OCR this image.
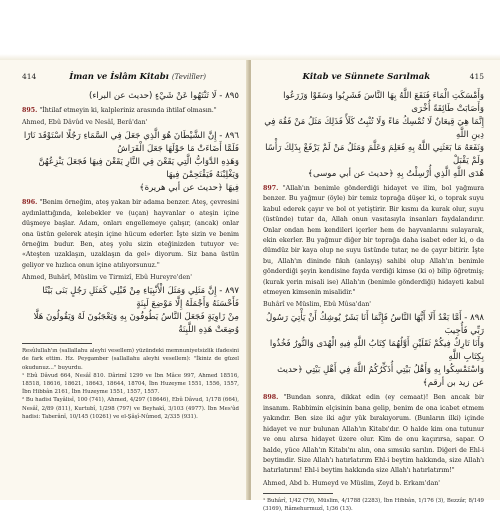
414	İman ve İslâm Kitabı (Tevilîler)
٨٩٥ - لَا تَنْتَهُوا عَنْ شَيْءٍ (حديث عن البراء)
895. "İhtilaf etmeyin ki, kalpleriniz arasında ihtilaf olmasın."
Ahmed, Ebû Dâvûd ve Nesâî, Berâ'dan'
٨٩٦ - إِنَّ الشَّيْطَانَ هُوَ الَّذِي جَعَلَ فِي السَّمَاءِ رَجُلًا اسْتَوْقَدَ نَارًا فَلَمَّا أَضَاءَتْ مَا حَوْلَهَا جَعَلَ الْفَرَاشُ
وَهَذِهِ الدَّوَابُّ الَّتِي يَقَعْنَ فِي النَّارِ يَقَعْنَ فِيهَا فَجَعَلَ يَنْزِعُهُنَّ وَيَغْلِبْنَهُ فَيَقْتَحِمْنَ فِيهَا
فِيهَا ﴿حديث عن أبي هريرة﴾
896. "Benim örneğim, ateş yakan bir adama benzer. Ateş, çevresini aydınlattığında, kelebekler ve (uçan) hayvanlar o ateşin içine düşmeye başlar. Adam, onları engellemeye çalışır, (ancak) onlar ona üstün gelerek ateşin içine hücum ederler. İşte sizin ve benim örneğim budur. Ben, ateş yolu sizin eteğinizden tutuyor ve: «Ateşten uzaklaşın, uzaklaşın da gel» diyorum. Siz bana üstün geliyor ve hızlıca onun içine atılıyorsunuz."
Ahmed, Buhârî, Müslim ve Tirmizî, Ebû Hureyre'den'
٨٩٧ - إِنَّ مَثَلِي وَمَثَلَ الْأَنْبِيَاءِ مِنْ قَبْلِي كَمَثَلِ رَجُلٍ بَنَى بَيْتًا فَأَحْسَنَهُ وَأَجْمَلَهُ إِلَّا مَوْضِعَ لَبِنَةٍ
مِنْ زَاوِيَةٍ فَجَعَلَ النَّاسُ يَطُوفُونَ بِهِ وَيَعْجَبُونَ لَهُ وَيَقُولُونَ هَلَّا وُضِعَتْ هَذِهِ اللَّبِنَةُ
Resûlullah'ın (sallallahu aleyhi vesellem) yüzündeki memnuniyetsizlik ifadesini de fark ettim. Hz. Peygamber (sallallahu aleyhi vesellem): "İkiniz de güzel okudunuz..." buyurdu.
¹ Ebû Dâvud 664, Nesâî 810. Dârimî 1299 ve İbn Mâce 997, Ahmed 18516, 18518, 18616, 18621, 18643, 18644, 18704, İbn Huzeyme 1551, 1556, 1557, İbn Hibbân 2161, İbn Huzeyme 1551, 1557, 1557.
² Bu hadisi Tayâlisî, 100 (741), Ahmed, 4/297 (18646), Ebû Dâvud, 1/178 (664), Nesâî, 2/89 (811), Kurtubî, 1/298 (797) ve Beyhakî, 3/103 (4977). İbn Mes'ûd hadisi: Taberânî, 10/145 (10261) ve el-Şâşî-Nûmed, 2/335 (931).
Kitab ve Sünnete Sarılmak	415
وَأَمْسَكَتِ الْمَاءَ فَنَفَعَ اللَّهُ بِهَا النَّاسَ فَشَرِبُوا وَسَقَوْا وَزَرَعُوا وَأَصَابَتْ طَائِفَةً أُخْرَى
إِنَّمَا هِيَ قِيعَانٌ لَا تُمْسِكُ مَاءً وَلَا تُنْبِتُ كَلَأً فَذَلِكَ مَثَلُ مَنْ فَقُهَ فِي دِينِ اللَّهِ
وَنَفَعَهُ مَا بَعَثَنِي اللَّهُ بِهِ فَعَلِمَ وَعَلَّمَ وَمَثَلُ مَنْ لَمْ يَرْفَعْ بِذَلِكَ رَأْسًا وَلَمْ يَقْبَلْ
هُدَى اللَّهِ الَّذِي أُرْسِلْتُ بِهِ ﴿حديث عن أبي موسى﴾
897. "Allah'ın benimle gönderdiği hidayet ve ilim, bol yağmura benzer. Bu yağmur (öyle) bir temiz toprağa düşer ki, o toprak suyu kabul ederek çayır ve bol ot yetiştirir. Bir kısmı da kurak olur, suyu (üstünde) tutar da, Allah onun vasıtasıyla insanları faydalandırır. Onlar ondan hem kendileri içerler hem de hayvanlarını sulayarak, ekin ekerler. Bu yağmur diğer bir toprağa daha isabet eder ki, o da dümdüz bir kaya olup ne suyu üstünde tutar, ne de çayır bitirir. İşte bu, Allah'ın dininde fıkıh (anlayış) sahibi olup Allah'ın benimle gönderdiği şeyin kendisine fayda verdiği kimse (ki o) bilip öğretmiş; (kurak yerin misali ise) Allah'ın (benimle gönderdiği) hidayeti kabul etmeyen kimsenin misalidir."
Buhârî ve Müslim, Ebû Mûsa'dan'
٨٩٨ - أَمَّا بَعْدُ أَلَا أَيُّهَا النَّاسُ فَإِنَّمَا أَنَا بَشَرٌ يُوشِكُ أَنْ يَأْتِيَ رَسُولُ رَبِّي فَأُجِيبَ
وَأَنَا تَارِكٌ فِيكُمْ ثَقَلَيْنِ أَوَّلُهُمَا كِتَابُ اللَّهِ فِيهِ الْهُدَى وَالنُّورُ فَخُذُوا بِكِتَابِ اللَّهِ
وَاسْتَمْسِكُوا بِهِ وَأَهْلُ بَيْتِي أُذَكِّرُكُمُ اللَّهَ فِي أَهْلِ بَيْتِي ﴿حديث عن زيد بن أرقم﴾
898. "Bundan sonra, dikkat edin (ey cemaat)! Ben ancak bir insanım. Rabbimin elçisinin bana gelip, benim de ona icabet etmem yakındır. Ben size iki ağır yük bırakıyorum. (Bunların ilki) içinde hidayet ve nur bulunan Allah'ın Kitabı'dır. O halde kim ona tutunur ve onu alırsa hidayet üzere olur. Kim de onu kaçırırsa, sapar. O halde, yüce Allah'ın Kitabı'nı alın, ona sımsıkı sarılın. Diğeri de Ehl-i beytimdir. Size Allah'ı hatırlatırım Ehl-i beytim hakkında, size Allah'ı hatırlatırım! Ehl-i beytim hakkında size Allah'ı hatırlatırım!"
Ahmed, Abd b. Humeyd ve Müslim, Zeyd b. Erkam'dan'
¹ Buhârî, 1/42 (79), Müslim, 4/1788 (2283), İbn Hibbân, 1/176 (3), Bezzâr, 8/149 (3169), Râmehurmuzî, 1/36 (13).
